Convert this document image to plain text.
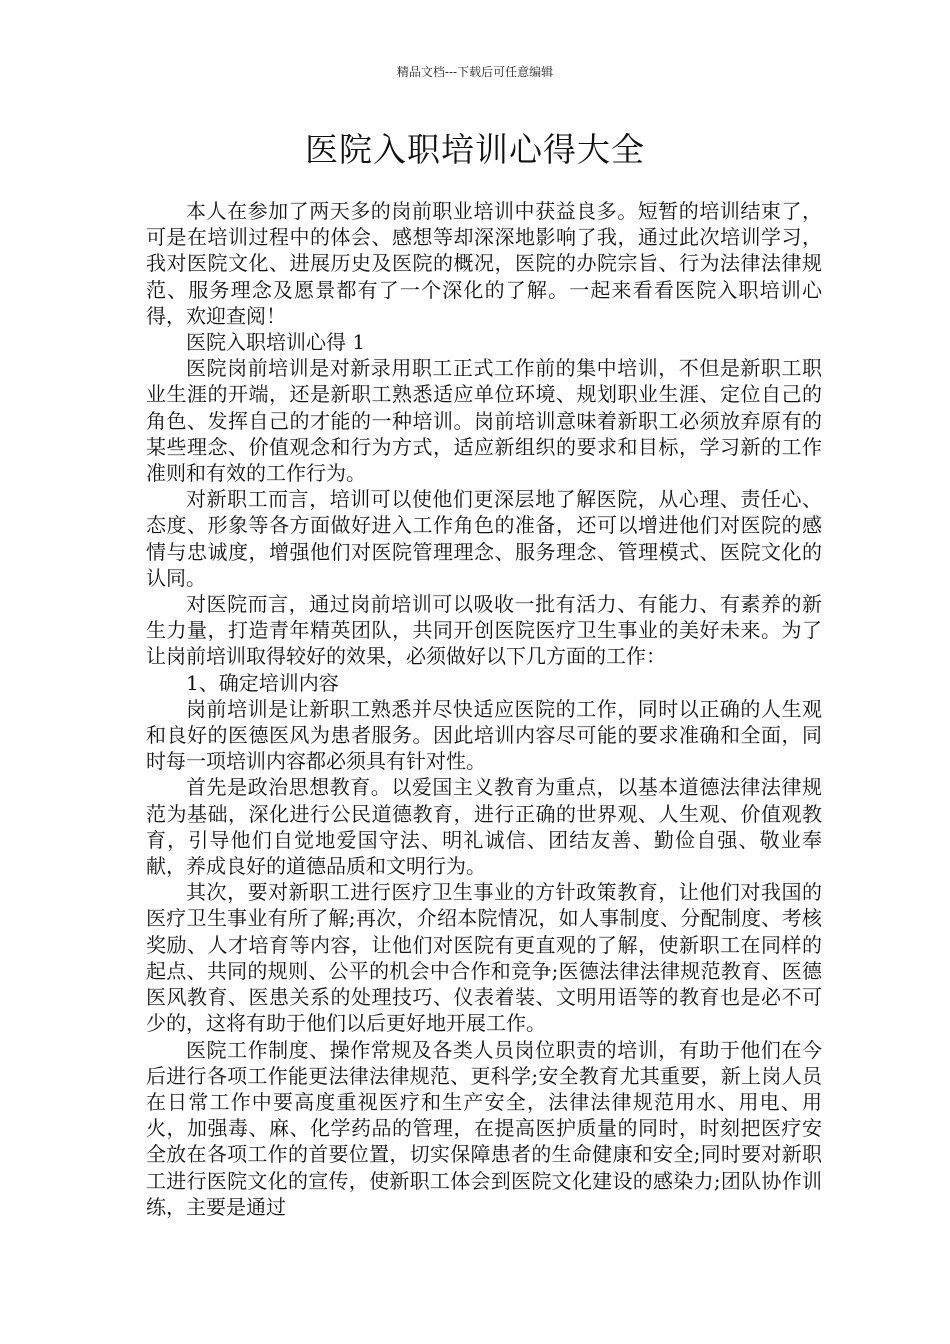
精品文档---下载后可任意编辑
医院入职培训心得大全

本人在参加了两天多的岗前职业培训中获益良多。短暂的培训结束了，可是在培训过程中的体会、感想等却深深地影响了我，通过此次培训学习，我对医院文化、进展历史及医院的概况，医院的办院宗旨、行为法律法律规范、服务理念及愿景都有了一个深化的了解。一起来看看医院入职培训心得，欢迎查阅！

医院入职培训心得 1

医院岗前培训是对新录用职工正式工作前的集中培训，不但是新职工职业生涯的开端，还是新职工熟悉适应单位环境、规划职业生涯、定位自己的角色、发挥自己的才能的一种培训。岗前培训意味着新职工必须放弃原有的某些理念、价值观念和行为方式，适应新组织的要求和目标，学习新的工作准则和有效的工作行为。

对新职工而言，培训可以使他们更深层地了解医院，从心理、责任心、态度、形象等各方面做好进入工作角色的准备，还可以增进他们对医院的感情与忠诚度，增强他们对医院管理理念、服务理念、管理模式、医院文化的认同。

对医院而言，通过岗前培训可以吸收一批有活力、有能力、有素养的新生力量，打造青年精英团队，共同开创医院医疗卫生事业的美好未来。为了让岗前培训取得较好的效果，必须做好以下几方面的工作：

1、确定培训内容

岗前培训是让新职工熟悉并尽快适应医院的工作，同时以正确的人生观和良好的医德医风为患者服务。因此培训内容尽可能的要求准确和全面，同时每一项培训内容都必须具有针对性。

首先是政治思想教育。以爱国主义教育为重点，以基本道德法律法律规范为基础，深化进行公民道德教育，进行正确的世界观、人生观、价值观教育，引导他们自觉地爱国守法、明礼诚信、团结友善、勤俭自强、敬业奉献，养成良好的道德品质和文明行为。

其次，要对新职工进行医疗卫生事业的方针政策教育，让他们对我国的医疗卫生事业有所了解;再次，介绍本院情况，如人事制度、分配制度、考核奖励、人才培育等内容，让他们对医院有更直观的了解，使新职工在同样的起点、共同的规则、公平的机会中合作和竞争;医德法律法律规范教育、医德医风教育、医患关系的处理技巧、仪表着装、文明用语等的教育也是必不可少的，这将有助于他们以后更好地开展工作。

医院工作制度、操作常规及各类人员岗位职责的培训，有助于他们在今后进行各项工作能更法律法律规范、更科学;安全教育尤其重要，新上岗人员在日常工作中要高度重视医疗和生产安全，法律法律规范用水、用电、用火，加强毒、麻、化学药品的管理，在提高医护质量的同时，时刻把医疗安全放在各项工作的首要位置，切实保障患者的生命健康和安全;同时要对新职工进行医院文化的宣传，使新职工体会到医院文化建设的感染力;团队协作训练，主要是通过
